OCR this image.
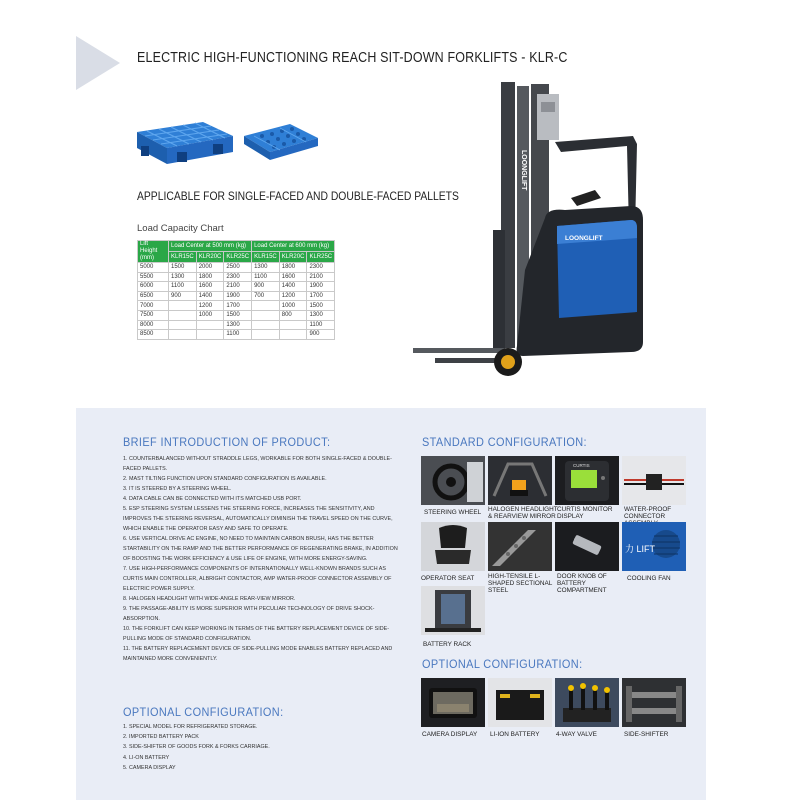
ELECTRIC HIGH-FUNCTIONING REACH SIT-DOWN FORKLIFTS - KLR-C
APPLICABLE FOR SINGLE-FACED AND DOUBLE-FACED PALLETS
Load Capacity Chart
Lift Height (mm)	Load Center at 500 mm (kg)			Load Center at 600 mm (kg)		
	KLR15C	KLR20C	KLR25C	KLR15C	KLR20C	KLR25C
5000	1500	2000	2500	1300	1800	2300
5500	1300	1800	2300	1100	1600	2100
6000	1100	1600	2100	900	1400	1900
6500	900	1400	1900	700	1200	1700
7000		1200	1700		1000	1500
7500		1000	1500		800	1300
8000			1300			1100
8500			1100			900
LOONGLIFT
LOONGLIFT
BRIEF INTRODUCTION OF PRODUCT:

1. COUNTERBALANCED WITHOUT STRADDLE LEGS, WORKABLE FOR BOTH SINGLE-FACED & DOUBLE-FACED PALLETS.

2. MAST TILTING FUNCTION UPON STANDARD CONFIGURATION IS AVAILABLE.

3. IT IS STEERED BY A STEERING WHEEL.

4. DATA CABLE CAN BE CONNECTED WITH ITS MATCHED USB PORT.

5. ESP STEERING SYSTEM LESSENS THE STEERING FORCE, INCREASES THE SENSITIVITY, AND IMPROVES THE STEERING REVERSAL, AUTOMATICALLY DIMINISH THE TRAVEL SPEED ON THE CURVE, WHICH ENABLE THE OPERATOR EASY AND SAFE TO OPERATE.

6. USE VERTICAL DRIVE AC ENGINE, NO NEED TO MAINTAIN CARBON BRUSH, HAS THE BETTER STARTABILITY ON THE RAMP AND THE BETTER PERFORMANCE OF REGENERATING BRAKE, IN ADDITION OF BOOSTING THE WORK EFFICIENCY & USE LIFE OF ENGINE, WITH MORE ENERGY-SAVING.

7. USE HIGH-PERFORMANCE COMPONENTS OF INTERNATIONALLY WELL-KNOWN BRANDS SUCH AS CURTIS MAIN CONTROLLER, ALBRIGHT CONTACTOR, AMP WATER-PROOF CONNECTOR ASSEMBLY OF ELECTRIC POWER SUPPLY.

8. HALOGEN HEADLIGHT WITH WIDE-ANGLE REAR-VIEW MIRROR.

9. THE PASSAGE-ABILITY IS MORE SUPERIOR WITH PECULIAR TECHNOLOGY OF DRIVE SHOCK-ABSORPTION.

10. THE FORKLIFT CAN KEEP WORKING IN TERMS OF THE BATTERY REPLACEMENT DEVICE OF SIDE-PULLING MODE OF STANDARD CONFIGURATION.

11. THE BATTERY REPLACEMENT DEVICE OF SIDE-PULLING MODE ENABLES BATTERY REPLACED AND MAINTAINED MORE CONVENIENTLY.

OPTIONAL CONFIGURATION:

1. SPECIAL MODEL FOR REFRIGERATED STORAGE.

2. IMPORTED BATTERY PACK

3. SIDE-SHIFTER OF GOODS FORK & FORKS CARRIAGE.

4. LI-ON BATTERY

5. CAMERA DISPLAY

STANDARD CONFIGURATION:
OPTIONAL CONFIGURATION:
STEERING WHEEL HALOGEN HEADLIGHT & REARVIEW MIRROR
CURTIS
CURTIS MONITOR DISPLAY
WATER-PROOF CONNECTOR
OPERATOR SEAT HIGH-TENSILE L-SHAPED SECTIONAL STEEL
DOOR KNOB OF BATTERY COMPARTMENT
力 LIFT
COOLING FAN
BATTERY RACK
CAMERA DISPLAY LI-ION BATTERY	4-WAY VALVE	SIDE-SHIFTER
